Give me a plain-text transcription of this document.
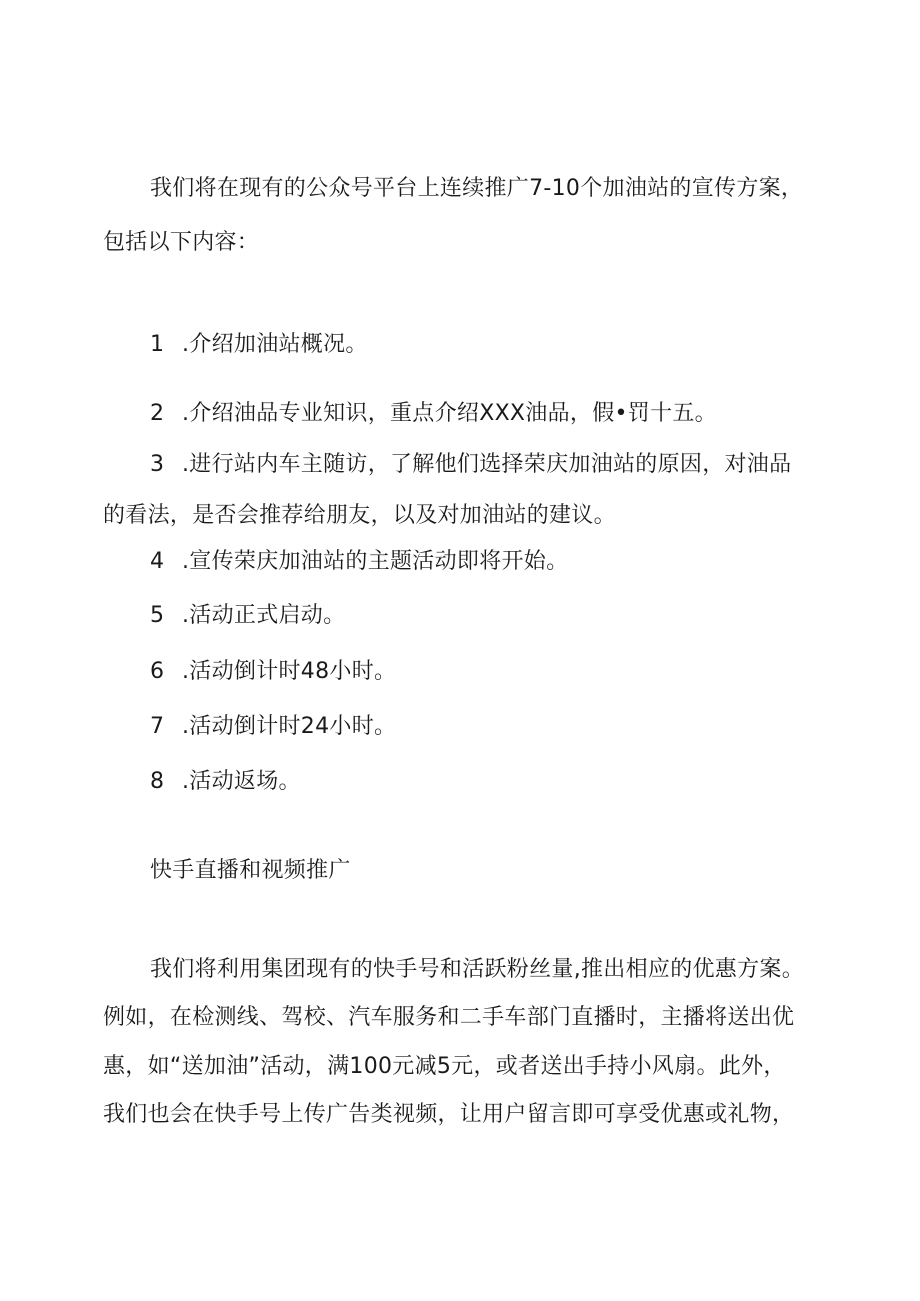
我们将在现有的公众号平台上连续推广7-10个加油站的宣传方案，
包括以下内容：
1 .介绍加油站概况。
2 .介绍油品专业知识，重点介绍XXX油品，假•罚十五。
3 .进行站内车主随访，了解他们选择荣庆加油站的原因，对油品
的看法，是否会推荐给朋友，以及对加油站的建议。
4 .宣传荣庆加油站的主题活动即将开始。
5 .活动正式启动。
6 .活动倒计时48小时。
7 .活动倒计时24小时。
8 .活动返场。
快手直播和视频推广
我们将利用集团现有的快手号和活跃粉丝量,推出相应的优惠方案。
例如，在检测线、驾校、汽车服务和二手车部门直播时，主播将送出优
惠，如“送加油”活动，满100元减5元，或者送出手持小风扇。此外，
我们也会在快手号上传广告类视频，让用户留言即可享受优惠或礼物，
